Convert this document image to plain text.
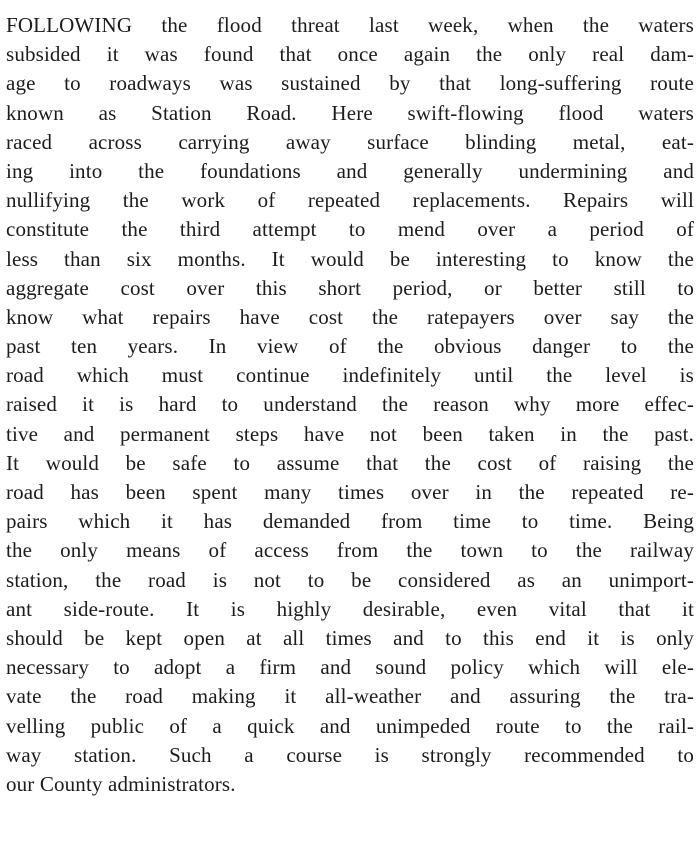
FOLLOWING the flood threat last week, when the waters
subsided it was found that once again the only real dam-
age to roadways was sustained by that long-suffering route
known as Station Road. Here swift-flowing flood waters
raced across carrying away surface blinding metal, eat-
ing into the foundations and generally undermining and
nullifying the work of repeated replacements. Repairs will
constitute the third attempt to mend over a period of
less than six months. It would be interesting to know the
aggregate cost over this short period, or better still to
know what repairs have cost the ratepayers over say the
past ten years. In view of the obvious danger to the
road which must continue indefinitely until the level is
raised it is hard to understand the reason why more effec-
tive and permanent steps have not been taken in the past.
It would be safe to assume that the cost of raising the
road has been spent many times over in the repeated re-
pairs which it has demanded from time to time. Being
the only means of access from the town to the railway
station, the road is not to be considered as an unimport-
ant side-route. It is highly desirable, even vital that it
should be kept open at all times and to this end it is only
necessary to adopt a firm and sound policy which will ele-
vate the road making it all-weather and assuring the tra-
velling public of a quick and unimpeded route to the rail-
way station. Such a course is strongly recommended to
our County administrators.
